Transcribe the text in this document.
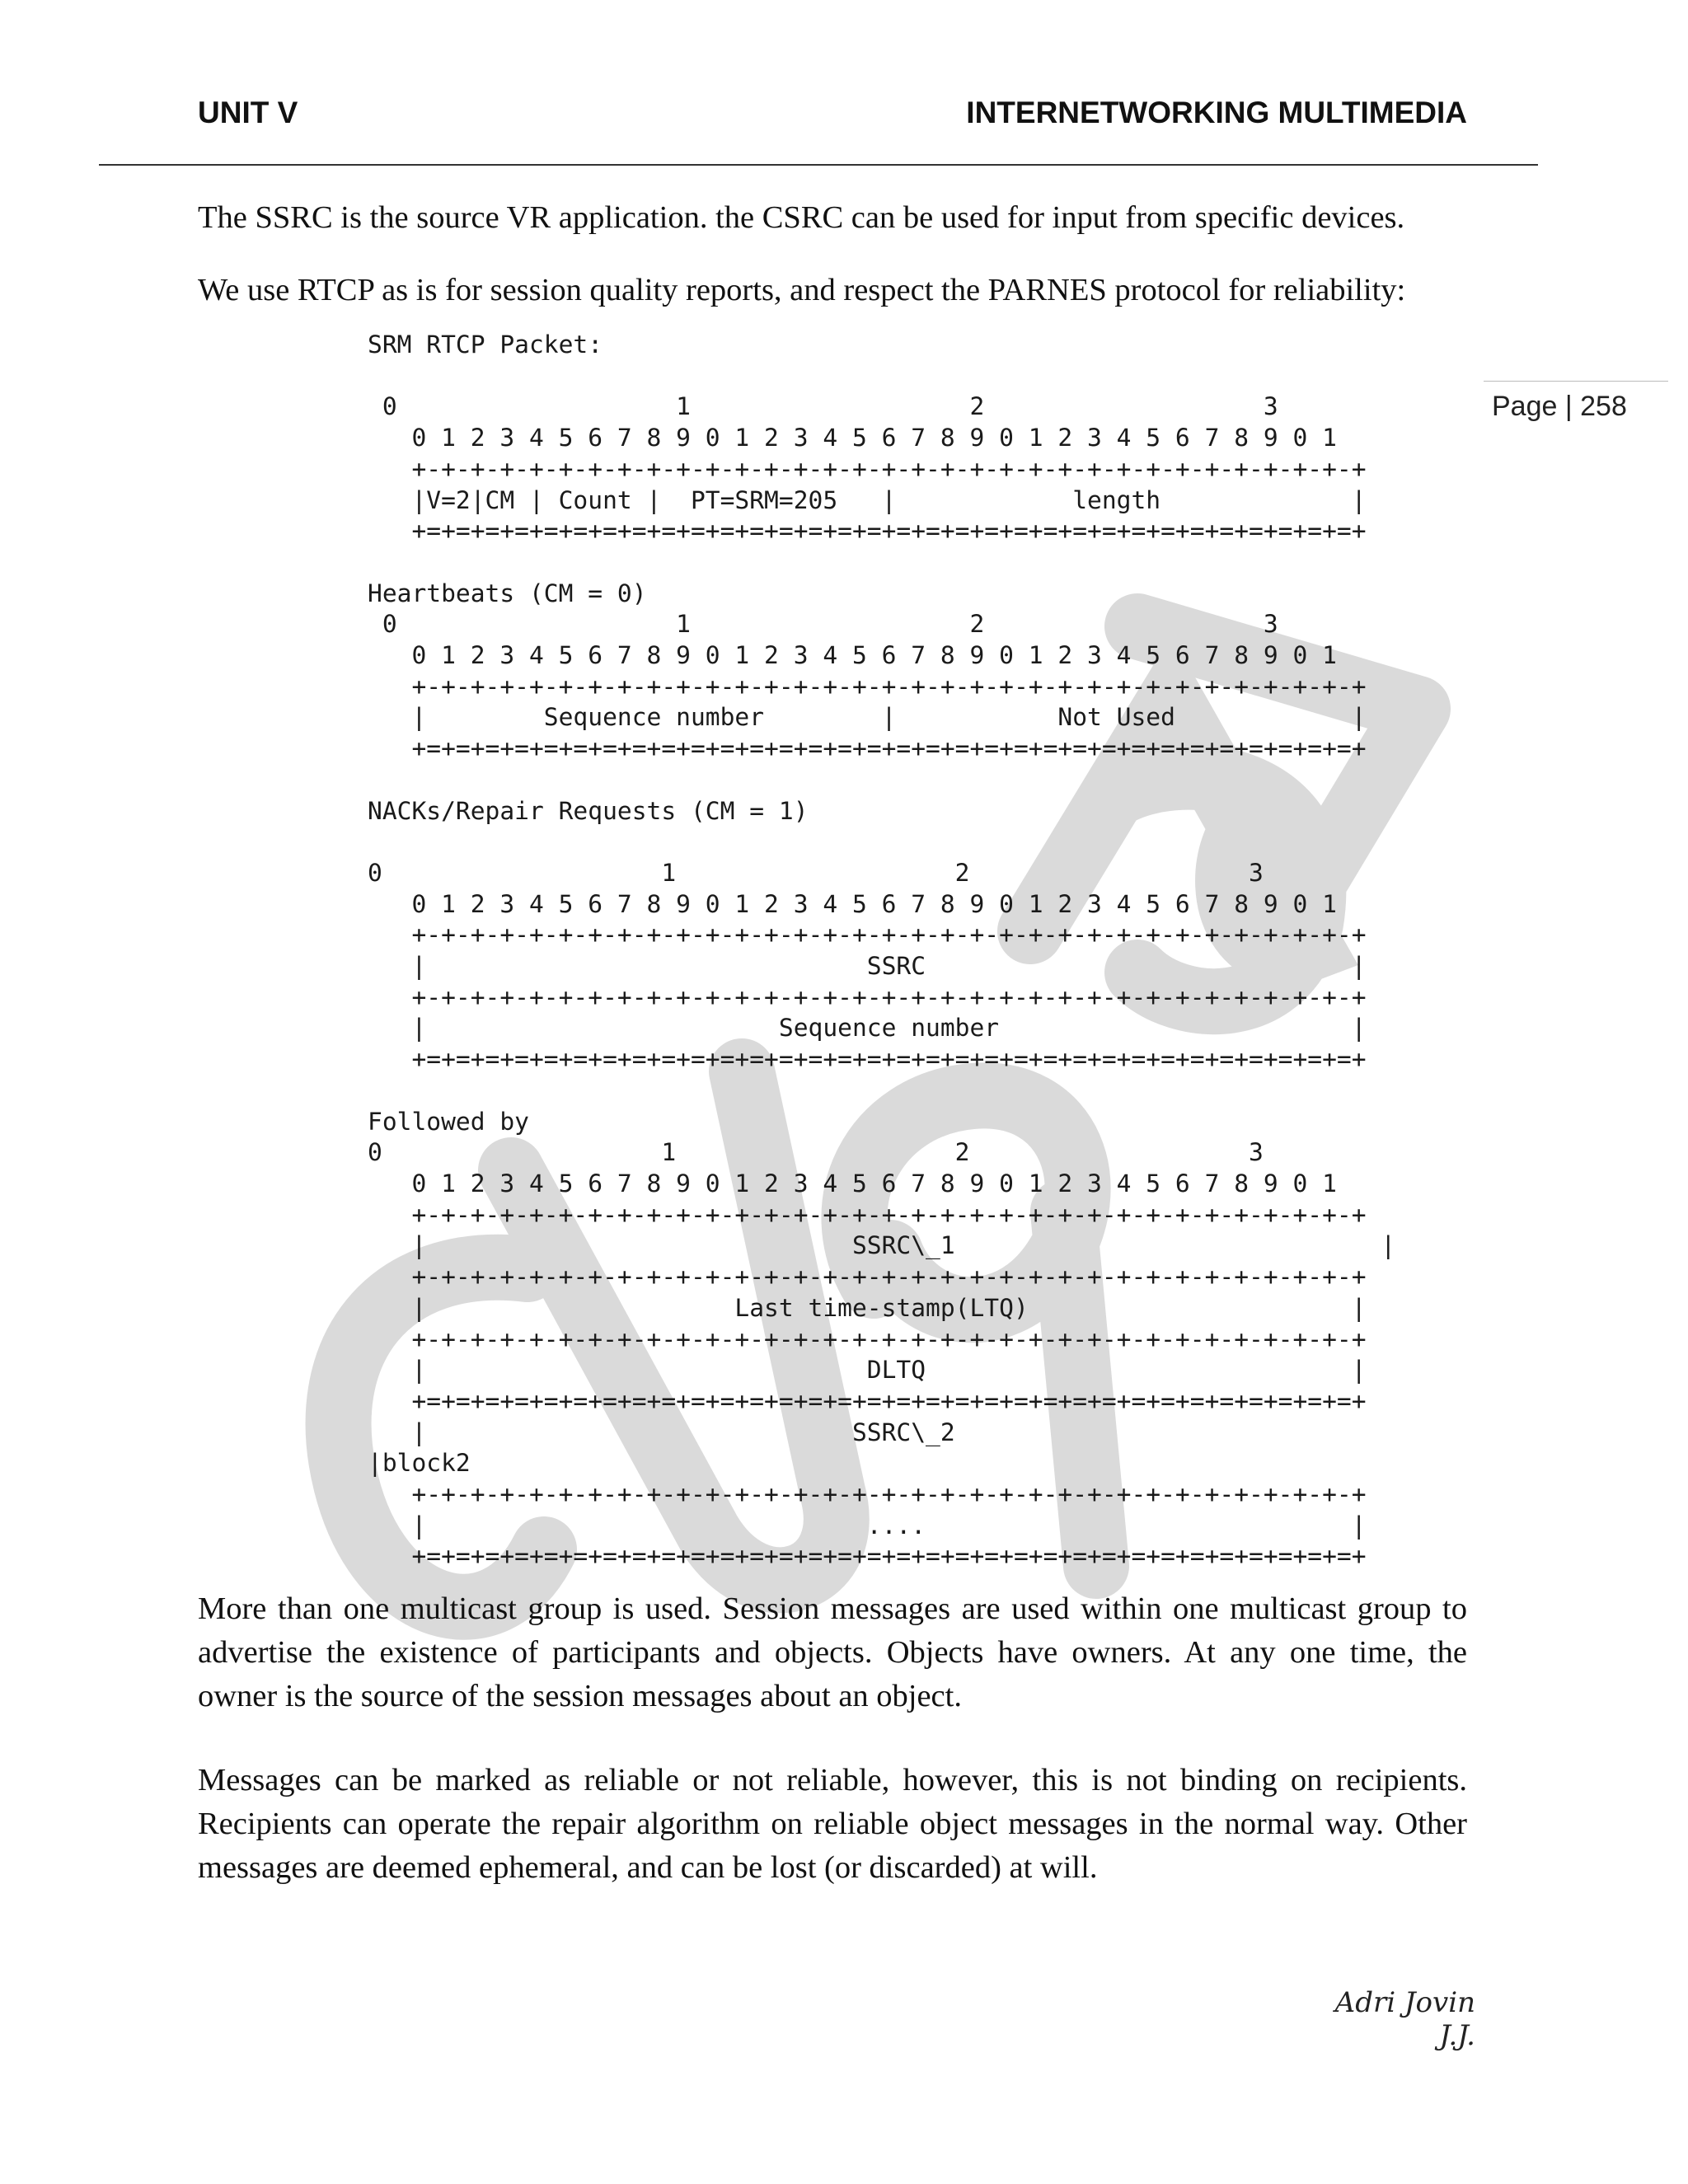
UNIT V	INTERNETWORKING MULTIMEDIA
Page | 258

The SSRC is the source VR application. the CSRC can be used for input from specific devices.

We use RTCP as is for session quality reports, and respect the PARNES protocol for reliability:

SRM RTCP Packet:

0                   1                   2                   3
0 1 2 3 4 5 6 7 8 9 0 1 2 3 4 5 6 7 8 9 0 1 2 3 4 5 6 7 8 9 0 1
+-+-+-+-+-+-+-+-+-+-+-+-+-+-+-+-+-+-+-+-+-+-+-+-+-+-+-+-+-+-+-+-+
|V=2|CM | Count |  PT=SRM=205   |            length             |
+=+=+=+=+=+=+=+=+=+=+=+=+=+=+=+=+=+=+=+=+=+=+=+=+=+=+=+=+=+=+=+=+

Heartbeats (CM = 0)
0                   1                   2                   3
0 1 2 3 4 5 6 7 8 9 0 1 2 3 4 5 6 7 8 9 0 1 2 3 4 5 6 7 8 9 0 1
+-+-+-+-+-+-+-+-+-+-+-+-+-+-+-+-+-+-+-+-+-+-+-+-+-+-+-+-+-+-+-+-+
|        Sequence number        |           Not Used            |
+=+=+=+=+=+=+=+=+=+=+=+=+=+=+=+=+=+=+=+=+=+=+=+=+=+=+=+=+=+=+=+=+

NACKs/Repair Requests (CM = 1)

0                   1                   2                   3
0 1 2 3 4 5 6 7 8 9 0 1 2 3 4 5 6 7 8 9 0 1 2 3 4 5 6 7 8 9 0 1
+-+-+-+-+-+-+-+-+-+-+-+-+-+-+-+-+-+-+-+-+-+-+-+-+-+-+-+-+-+-+-+-+
|                              SSRC                             |
+-+-+-+-+-+-+-+-+-+-+-+-+-+-+-+-+-+-+-+-+-+-+-+-+-+-+-+-+-+-+-+-+
|                        Sequence number                        |
+=+=+=+=+=+=+=+=+=+=+=+=+=+=+=+=+=+=+=+=+=+=+=+=+=+=+=+=+=+=+=+=+

Followed by
0                   1                   2                   3
0 1 2 3 4 5 6 7 8 9 0 1 2 3 4 5 6 7 8 9 0 1 2 3 4 5 6 7 8 9 0 1
+-+-+-+-+-+-+-+-+-+-+-+-+-+-+-+-+-+-+-+-+-+-+-+-+-+-+-+-+-+-+-+-+
|                             SSRC\_1                             |
+-+-+-+-+-+-+-+-+-+-+-+-+-+-+-+-+-+-+-+-+-+-+-+-+-+-+-+-+-+-+-+-+
|                     Last time-stamp(LTQ)                      |
+-+-+-+-+-+-+-+-+-+-+-+-+-+-+-+-+-+-+-+-+-+-+-+-+-+-+-+-+-+-+-+-+
|                              DLTQ                             |
+=+=+=+=+=+=+=+=+=+=+=+=+=+=+=+=+=+=+=+=+=+=+=+=+=+=+=+=+=+=+=+=+
|                             SSRC\_2
|block2
+-+-+-+-+-+-+-+-+-+-+-+-+-+-+-+-+-+-+-+-+-+-+-+-+-+-+-+-+-+-+-+-+
|                              ....                             |
+=+=+=+=+=+=+=+=+=+=+=+=+=+=+=+=+=+=+=+=+=+=+=+=+=+=+=+=+=+=+=+=+

More than one multicast group is used. Session messages are used within one multicast group to
advertise the existence of participants and objects. Objects have owners. At any one time, the
owner is the source of the session messages about an object.

Messages can be marked as reliable or not reliable, however, this is not binding on recipients.
Recipients can operate the repair algorithm on reliable object messages in the normal way. Other
messages are deemed ephemeral, and can be lost (or discarded) at will.

Adri Jovin J.J.
